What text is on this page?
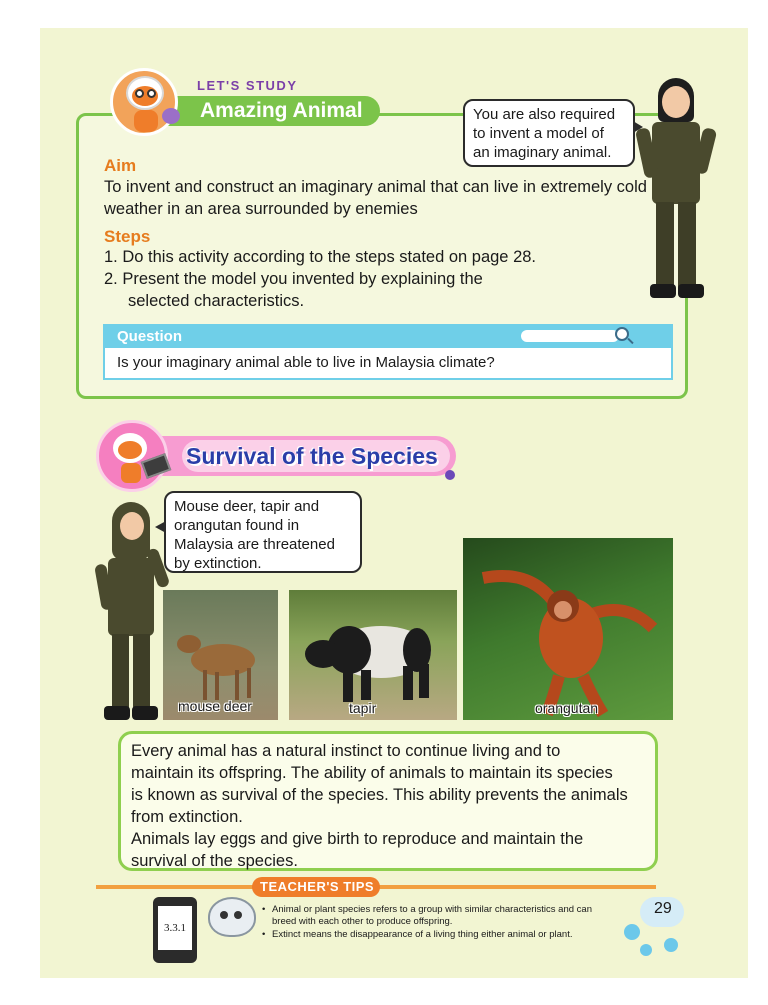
LET'S STUDY
Amazing Animal	You are also required
to invent a model of
an imaginary animal.
Aim
To invent and construct an imaginary animal that can live in extremely cold weather in an area surrounded by enemies
Steps
1. Do this activity according to the steps stated on page 28.
2. Present the model you invented by explaining the
selected characteristics.
Question
Is your imaginary animal able to live in Malaysia climate?
Survival of the Species
Mouse deer, tapir and
orangutan found in
Malaysia are threatened
by extinction.
mouse deer	tapir	orangutan

Every animal has a natural instinct to continue living and to

maintain its offspring. The ability of animals to maintain its species

is known as survival of the species. This ability prevents the animals

from extinction.

Animals lay eggs and give birth to reproduce and maintain the

survival of the species.

TEACHER'S TIPS
3.3.1
• Animal or plant species refers to a group with similar characteristics and can breed with each other to produce offspring.
• Extinct means the disappearance of a living thing either animal or plant.
29
